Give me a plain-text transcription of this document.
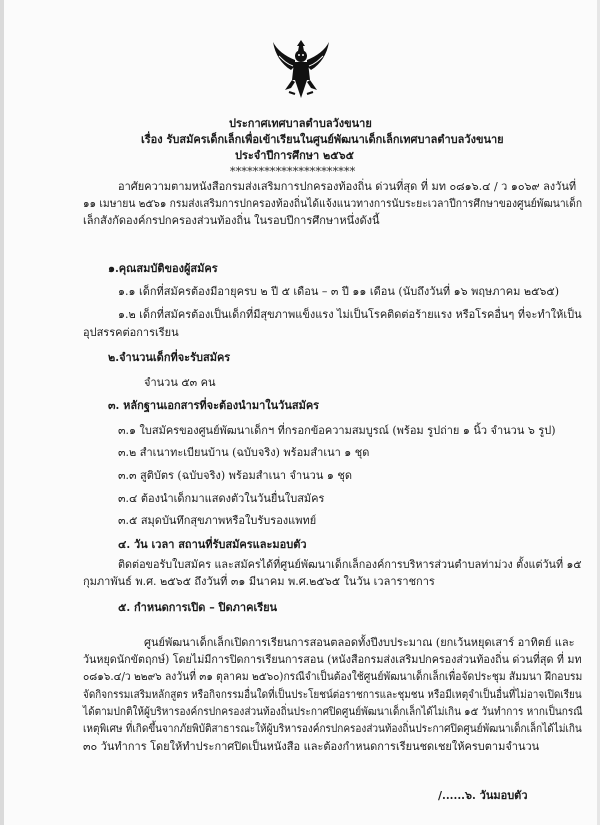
ประกาศเทศบาลตำบลวังขนาย
เรื่อง รับสมัครเด็กเล็กเพื่อเข้าเรียนในศูนย์พัฒนาเด็กเล็กเทศบาลตำบลวังขนาย
ประจำปีการศึกษา ๒๕๖๕
**********************
อาศัยความตามหนังสือกรมส่งเสริมการปกครองท้องถิ่น ด่วนที่สุด ที่ มท ๐๘๑๖.๔ / ว ๑๐๖๙ ลงวันที่
๑๑ เมษายน ๒๕๖๑ กรมส่งเสริมการปกครองท้องถิ่นได้แจ้งแนวทางการนับระยะเวลาปีการศึกษาของศูนย์พัฒนาเด็ก
เล็กสังกัดองค์กรปกครองส่วนท้องถิ่น ในรอบปีการศึกษาหนึ่งดังนี้
๑.คุณสมบัติของผู้สมัคร
๑.๑ เด็กที่สมัครต้องมีอายุครบ ๒ ปี ๕ เดือน – ๓ ปี ๑๑ เดือน (นับถึงวันที่ ๑๖ พฤษภาคม ๒๕๖๕)
๑.๒ เด็กที่สมัครต้องเป็นเด็กที่มีสุขภาพแข็งแรง ไม่เป็นโรคติดต่อร้ายแรง หรือโรคอื่นๆ ที่จะทำให้เป็น
อุปสรรคต่อการเรียน
๒.จำนวนเด็กที่จะรับสมัคร
จำนวน ๕๓ คน
๓. หลักฐานเอกสารที่จะต้องนำมาในวันสมัคร
๓.๑ ใบสมัครของศูนย์พัฒนาเด็กฯ ที่กรอกข้อความสมบูรณ์ (พร้อม รูปถ่าย ๑ นิ้ว จำนวน ๖ รูป)
๓.๒ สำเนาทะเบียนบ้าน (ฉบับจริง) พร้อมสำเนา ๑ ชุด
๓.๓ สูติบัตร (ฉบับจริง) พร้อมสำเนา จำนวน ๑ ชุด
๓.๔ ต้องนำเด็กมาแสดงตัวในวันยื่นใบสมัคร
๓.๕ สมุดบันทึกสุขภาพหรือใบรับรองแพทย์
๔. วัน เวลา สถานที่รับสมัครและมอบตัว
ติดต่อขอรับใบสมัคร และสมัครได้ที่ศูนย์พัฒนาเด็กเล็กองค์การบริหารส่วนตำบลท่าม่วง ตั้งแต่วันที่ ๑๕
กุมภาพันธ์ พ.ศ. ๒๕๖๕ ถึงวันที่ ๓๑ มีนาคม พ.ศ.๒๕๖๕ ในวัน เวลาราชการ
๕. กำหนดการเปิด – ปิดภาคเรียน
ศูนย์พัฒนาเด็กเล็กเปิดการเรียนการสอนตลอดทั้งปีงบประมาณ (ยกเว้นหยุดเสาร์ อาทิตย์ และ
วันหยุดนักขัตฤกษ์) โดยไม่มีการปิดการเรียนการสอน (หนังสือกรมส่งเสริมปกครองส่วนท้องถิ่น ด่วนที่สุด ที่ มท
๐๘๑๖.๔/ว ๒๒๙๖ ลงวันที่ ๓๑ ตุลาคม ๒๕๖๐)กรณีจำเป็นต้องใช้ศูนย์พัฒนาเด็กเล็กเพื่อจัดประชุม สัมมนา ฝึกอบรม
จัดกิจกรรมเสริมหลักสูตร หรือกิจกรรมอื่นใดที่เป็นประโยชน์ต่อราชการและชุมชน หรือมีเหตุจำเป็นอื่นที่ไม่อาจเปิดเรียน
ได้ตามปกติให้ผู้บริหารองค์กรปกครองส่วนท้องถิ่นประกาศปิดศูนย์พัฒนาเด็กเล็กได้ไม่เกิน ๑๕ วันทำการ หากเป็นกรณี
เหตุพิเศษ ที่เกิดขึ้นจากภัยพิบัติสาธารณะให้ผู้บริหารองค์กรปกครองส่วนท้องถิ่นประกาศปิดศูนย์พัฒนาเด็กเล็กได้ไม่เกิน
๓๐ วันทำการ โดยให้ทำประกาศปิดเป็นหนังสือ และต้องกำหนดการเรียนชดเชยให้ครบตามจำนวน
/......๖. วันมอบตัว
